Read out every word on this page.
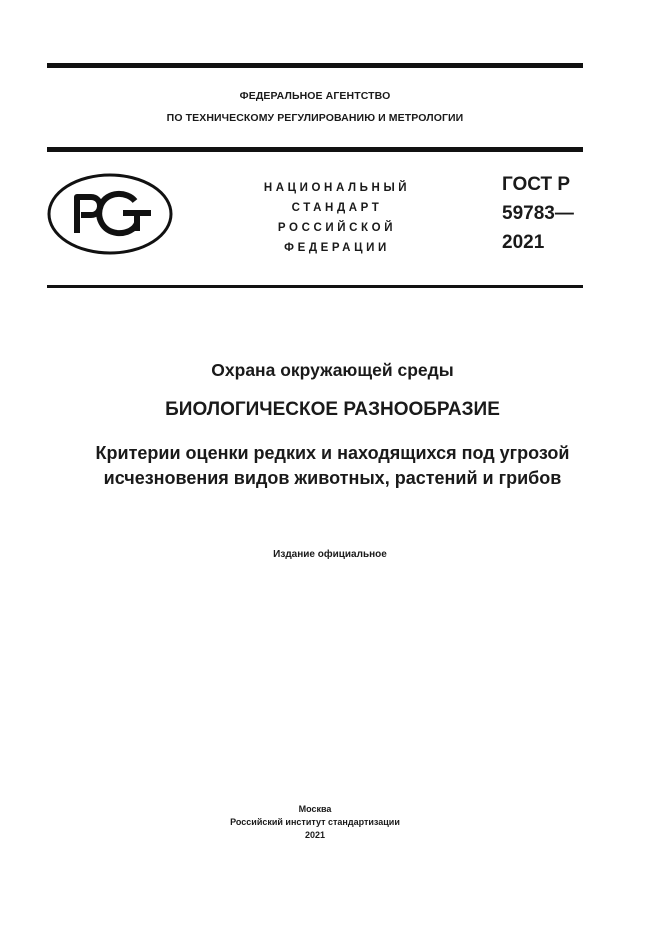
ФЕДЕРАЛЬНОЕ АГЕНТСТВО
ПО ТЕХНИЧЕСКОМУ РЕГУЛИРОВАНИЮ И МЕТРОЛОГИИ
НАЦИОНАЛЬНЫЙ
СТАНДАРТ
РОССИЙСКОЙ
ФЕДЕРАЦИИ
ГОСТ Р
59783—
2021
Охрана окружающей среды
БИОЛОГИЧЕСКОЕ РАЗНООБРАЗИЕ
Критерии оценки редких и находящихся под угрозой
исчезновения видов животных, растений и грибов
Издание официальное
Москва
Российский институт стандартизации
2021
